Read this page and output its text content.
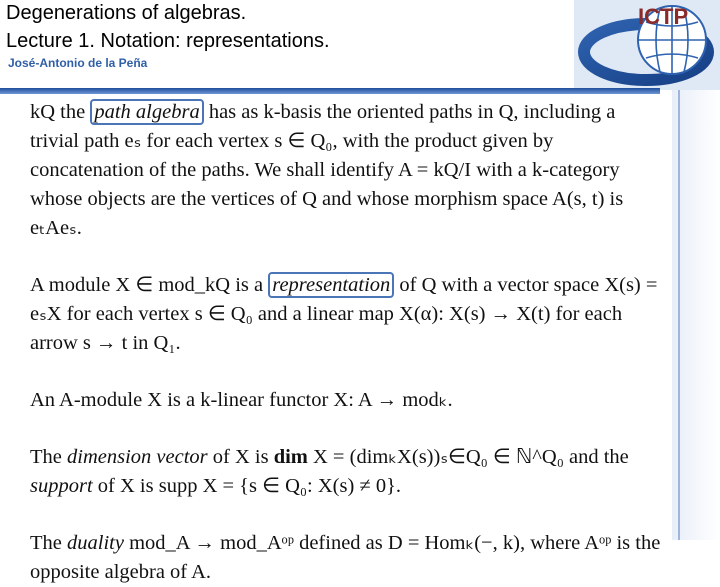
Degenerations of algebras.
Lecture 1. Notation: representations.
José-Antonio de la Peña
ICTP

kQ the path algebra has as k-basis the oriented paths in Q, including a trivial path eₛ for each vertex s ∈ Q₀, with the product given by concatenation of the paths. We shall identify A = kQ/I with a k-category whose objects are the vertices of Q and whose morphism space A(s, t) is eₜAeₛ.

A module X ∈ mod_kQ is a representation of Q with a vector space X(s) = eₛX for each vertex s ∈ Q₀ and a linear map X(α): X(s) → X(t) for each arrow s → t in Q₁.

An A-module X is a k-linear functor X: A → modₖ.

The dimension vector of X is dim X = (dimₖX(s))ₛ∈Q₀ ∈ ℕ^Q₀ and the support of X is supp X = {s ∈ Q₀: X(s) ≠ 0}.

The duality mod_A → mod_Aᵒᵖ defined as D = Homₖ(−, k), where Aᵒᵖ is the opposite algebra of A.
